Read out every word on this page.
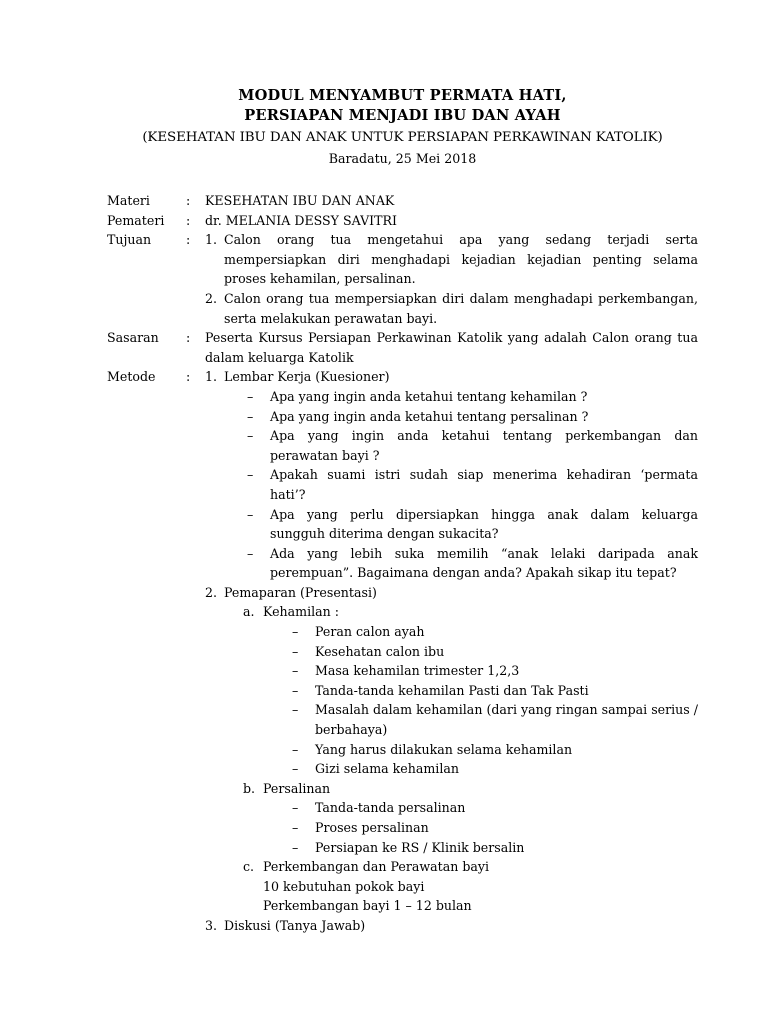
MODUL MENYAMBUT PERMATA HATI,
PERSIAPAN MENJADI IBU DAN AYAH
(KESEHATAN IBU DAN ANAK UNTUK PERSIAPAN PERKAWINAN KATOLIK)
Baradatu, 25 Mei 2018
Materi	:	KESEHATAN IBU DAN ANAK
Pemateri	:	dr. MELANIA DESSY SAVITRI
Tujuan	:	1. Calon orang tua mengetahui apa yang sedang terjadi serta mempersiapkan diri menghadapi kejadian kejadian penting selama proses kehamilan, persalinan.
2. Calon orang tua mempersiapkan diri dalam menghadapi perkembangan, serta melakukan perawatan bayi.
Sasaran	:	Peserta Kursus Persiapan Perkawinan Katolik yang adalah Calon orang tua dalam keluarga Katolik
Metode	:	1. Lembar Kerja (Kuesioner)
–	Apa yang ingin anda ketahui tentang kehamilan ?
–	Apa yang ingin anda ketahui tentang persalinan ?
–	Apa yang ingin anda ketahui tentang perkembangan dan perawatan bayi ?
–	Apakah suami istri sudah siap menerima kehadiran ‘permata hati’?
–	Apa yang perlu dipersiapkan hingga anak dalam keluarga sungguh diterima dengan sukacita?
–	Ada yang lebih suka memilih “anak lelaki daripada anak perempuan”. Bagaimana dengan anda? Apakah sikap itu tepat?
2. Pemaparan (Presentasi)
a. Kehamilan :
–	Peran calon ayah
–	Kesehatan calon ibu
–	Masa kehamilan trimester 1,2,3
–	Tanda-tanda kehamilan Pasti dan Tak Pasti
–	Masalah dalam kehamilan (dari yang ringan sampai serius / berbahaya)
–	Yang harus dilakukan selama kehamilan
–	Gizi selama kehamilan
b. Persalinan
–	Tanda-tanda persalinan
–	Proses persalinan
–	Persiapan ke RS / Klinik bersalin
c. Perkembangan dan Perawatan bayi
10 kebutuhan pokok bayi
Perkembangan bayi 1 – 12 bulan
3. Diskusi (Tanya Jawab)
